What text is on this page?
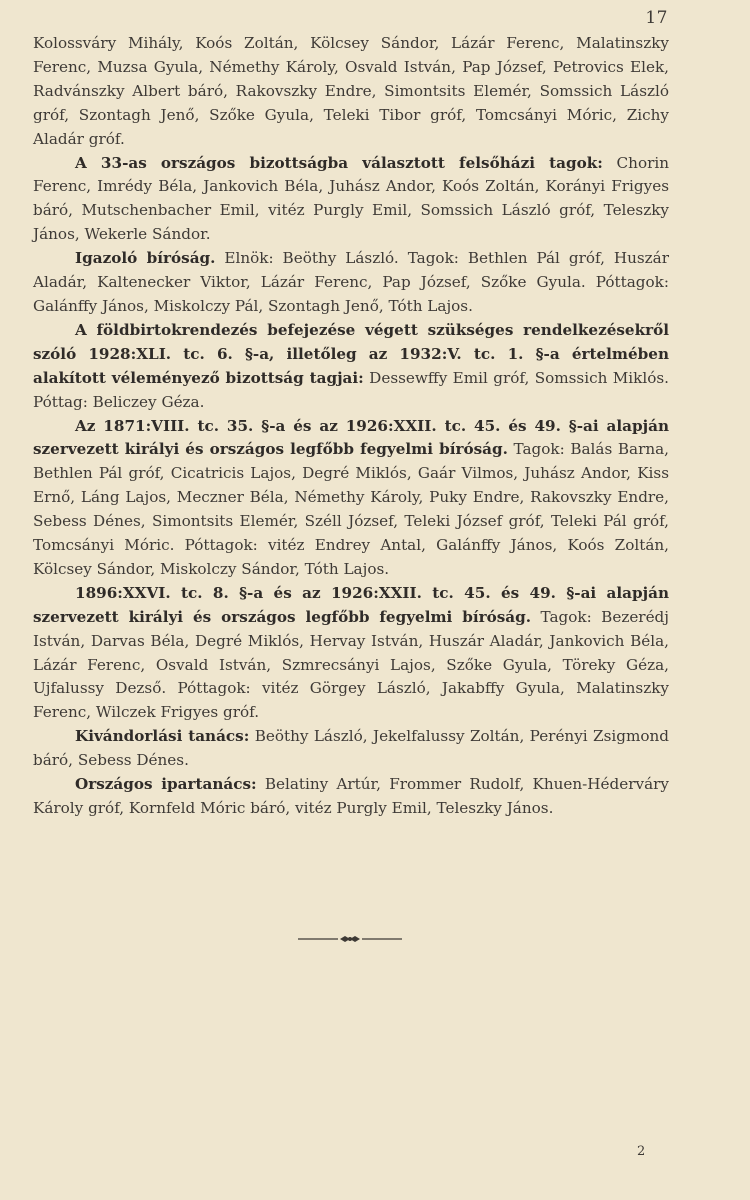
17

Kolossváry Mihály, Koós Zoltán, Kölcsey Sándor, Lázár Ferenc, Malatinszky Ferenc, Muzsa Gyula, Némethy Károly, Osvald István, Pap József, Petrovics Elek, Radvánszky Albert báró, Rakovszky Endre, Simontsits Elemér, Somssich László gróf, Szontagh Jenő, Szőke Gyula, Teleki Tibor gróf, Tomcsányi Móric, Zichy Aladár gróf.

A 33-as országos bizottságba választott felsőházi tagok: Chorin Ferenc, Imrédy Béla, Jankovich Béla, Juhász Andor, Koós Zoltán, Korányi Frigyes báró, Mutschenbacher Emil, vitéz Purgly Emil, Somssich László gróf, Teleszky János, Wekerle Sándor.

Igazoló bíróság. Elnök: Beöthy László. Tagok: Bethlen Pál gróf, Huszár Aladár, Kaltenecker Viktor, Lázár Ferenc, Pap József, Szőke Gyula. Póttagok: Galánffy János, Miskolczy Pál, Szontagh Jenő, Tóth Lajos.

A földbirtokrendezés befejezése végett szükséges rendelkezésekről szóló 1928:XLI. tc. 6. §-a, illetőleg az 1932:V. tc. 1. §-a értelmében alakított véleményező bizottság tagjai: Dessewffy Emil gróf, Somssich Miklós. Póttag: Beliczey Géza.

Az 1871:VIII. tc. 35. §-a és az 1926:XXII. tc. 45. és 49. §-ai alapján szervezett királyi és országos legfőbb fegyelmi bíróság. Tagok: Balás Barna, Bethlen Pál gróf, Cicatricis Lajos, Degré Miklós, Gaár Vilmos, Juhász Andor, Kiss Ernő, Láng Lajos, Meczner Béla, Némethy Károly, Puky Endre, Rakovszky Endre, Sebess Dénes, Simontsits Elemér, Széll József, Teleki József gróf, Teleki Pál gróf, Tomcsányi Móric. Póttagok: vitéz Endrey Antal, Galánffy János, Koós Zoltán, Kölcsey Sándor, Miskolczy Sándor, Tóth Lajos.

1896:XXVI. tc. 8. §-a és az 1926:XXII. tc. 45. és 49. §-ai alapján szervezett királyi és országos legfőbb fegyelmi bíróság. Tagok: Bezerédj István, Darvas Béla, Degré Miklós, Hervay István, Huszár Aladár, Jankovich Béla, Lázár Ferenc, Osvald István, Szmrecsányi Lajos, Szőke Gyula, Töreky Géza, Ujfalussy Dezső. Póttagok: vitéz Görgey László, Jakabffy Gyula, Malatinszky Ferenc, Wilczek Frigyes gróf.

Kivándorlási tanács: Beöthy László, Jekelfalussy Zoltán, Perényi Zsigmond báró, Sebess Dénes.

Országos ipartanács: Belatiny Artúr, Frommer Rudolf, Khuen-Héderváry Károly gróf, Kornfeld Móric báró, vitéz Purgly Emil, Teleszky János.

2
